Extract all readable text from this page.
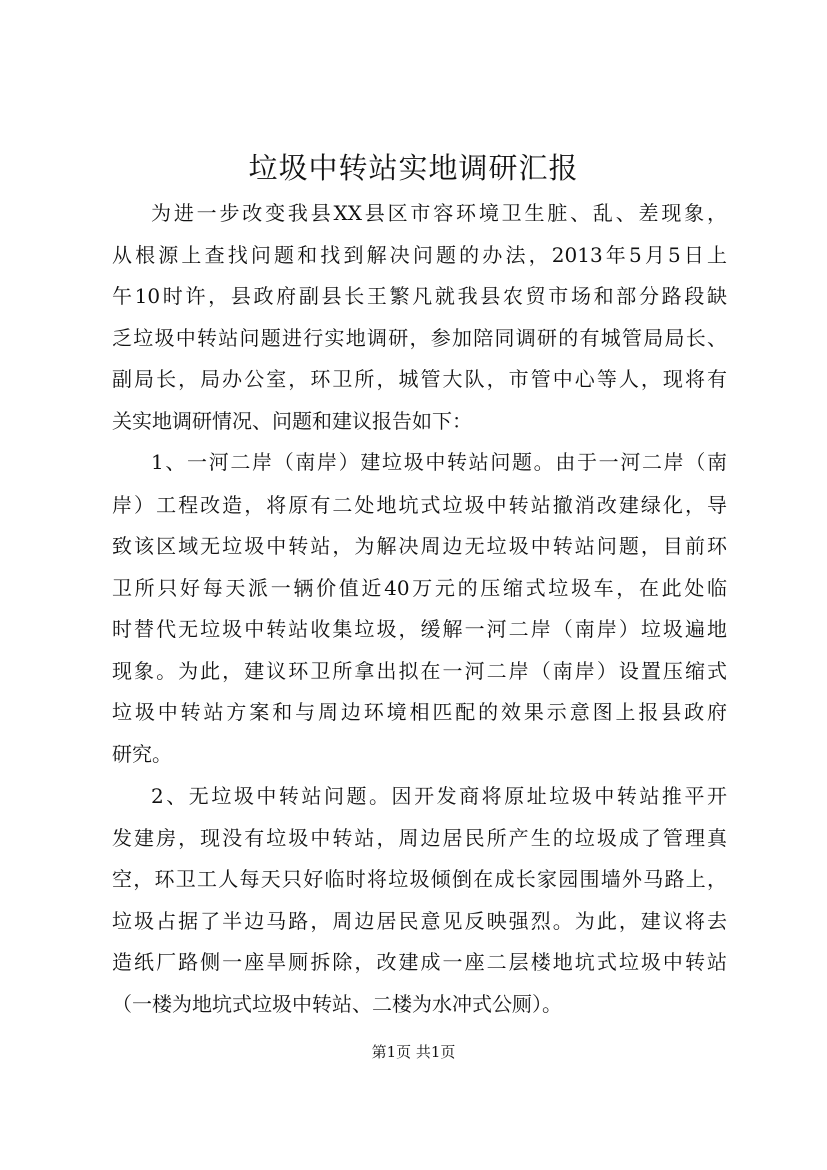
垃圾中转站实地调研汇报
为进一步改变我县XX县区市容环境卫生脏、乱、差现象，
从根源上查找问题和找到解决问题的办法，2013年5月5日上
午10时许，县政府副县长王繁凡就我县农贸市场和部分路段缺
乏垃圾中转站问题进行实地调研，参加陪同调研的有城管局局长、
副局长，局办公室，环卫所，城管大队，市管中心等人，现将有
关实地调研情况、问题和建议报告如下：
1、一河二岸（南岸）建垃圾中转站问题。由于一河二岸（南
岸）工程改造，将原有二处地坑式垃圾中转站撤消改建绿化，导
致该区域无垃圾中转站，为解决周边无垃圾中转站问题，目前环
卫所只好每天派一辆价值近40万元的压缩式垃圾车，在此处临
时替代无垃圾中转站收集垃圾，缓解一河二岸（南岸）垃圾遍地
现象。为此，建议环卫所拿出拟在一河二岸（南岸）设置压缩式
垃圾中转站方案和与周边环境相匹配的效果示意图上报县政府
研究。
2、无垃圾中转站问题。因开发商将原址垃圾中转站推平开
发建房，现没有垃圾中转站，周边居民所产生的垃圾成了管理真
空，环卫工人每天只好临时将垃圾倾倒在成长家园围墙外马路上，
垃圾占据了半边马路，周边居民意见反映强烈。为此，建议将去
造纸厂路侧一座旱厕拆除，改建成一座二层楼地坑式垃圾中转站
（一楼为地坑式垃圾中转站、二楼为水冲式公厕）。
第1页 共1页
